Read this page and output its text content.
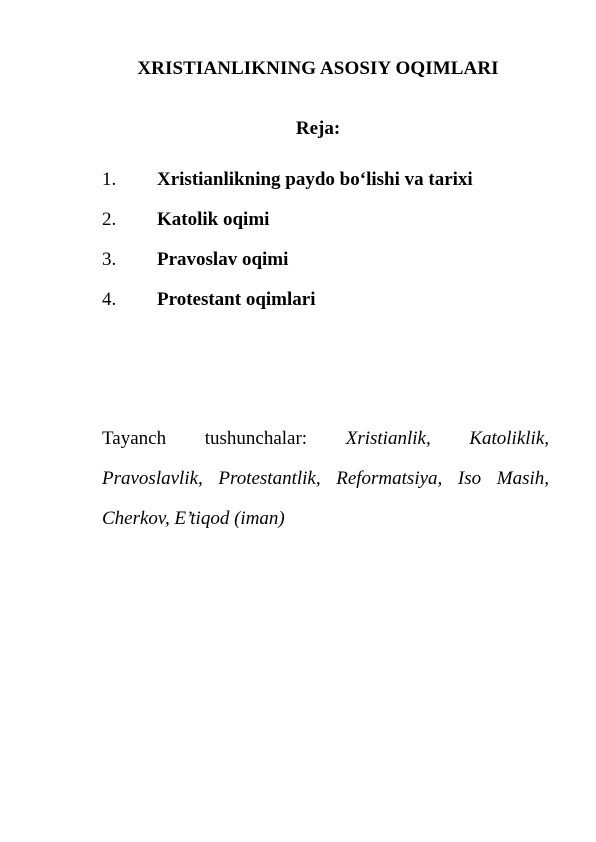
XRISTIANLIKNING ASOSIY OQIMLARI
Reja:
1. Xristianlikning paydo bo‘lishi va tarixi
2. Katolik oqimi
3. Pravoslav oqimi
4. Protestant oqimlari

Tayanch tushunchalar: Xristianlik, Katoliklik, Pravoslavlik, Protestantlik, Reformatsiya, Iso Masih, Cherkov, E’tiqod (iman)
